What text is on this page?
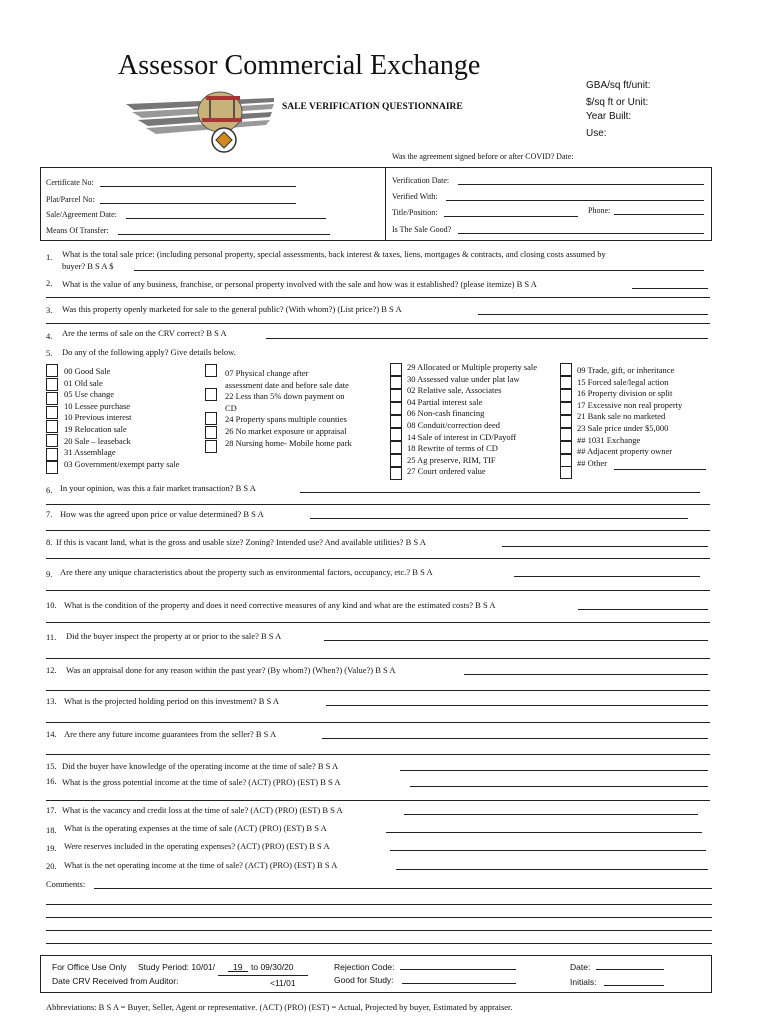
Assessor Commercial Exchange
SALE VERIFICATION QUESTIONNAIRE
GBA/sq ft/unit:
$/sq ft or Unit:
Year Built:
Use:
Was the agreement signed before or after COVID? Date:
Certificate No:
Plat/Parcel No:
Sale/Agreement Date:
Means Of Transfer:
Verification Date:
Verified With:
Title/Position:	Phone:
Is The Sale Good?
1. What is the total sale price: (including personal property, special assessments, back interest & taxes, liens, mortgages & contracts, and closing costs assumed by
buyer? B S A $
2. What is the value of any business, franchise, or personal property involved with the sale and how was it established? (please itemize) B S A
3. Was this property openly marketed for sale to the general public? (With whom?) (List price?) B S A
4. Are the terms of sale on the CRV correct? B S A
5. Do any of the following apply? Give details below.
00 Good Sale
01 Old sale
05 Use change
10 Lessee purchase
10 Previous interest
19 Relocation sale
20 Sale – leaseback
31 Assemblage
03 Government/exempt party sale
07 Physical change after
assessment date and before sale date
22 Less than 5% down payment on
CD
24 Property spans multiple counties
26 No market exposure or appraisal
28 Nursing home- Mobile home park
29 Allocated or Multiple property sale
30 Assessed value under plat law
02 Relative sale, Associates
04 Partial interest sale
06 Non-cash financing
08 Conduit/correction deed
14 Sale of interest in CD/Payoff
18 Rewrite of terms of CD
25 Ag preserve, RIM, TIF
27 Court ordered value
09 Trade, gift, or inheritance
15 Forced sale/legal action
16 Property division or split
17 Excessive non real property
21 Bank sale no marketed
23 Sale price under $5,000
## 1031 Exchange
## Adjacent property owner
## Other
6. In your opinion, was this a fair market transaction? B S A
7. How was the agreed upon price or value determined? B S A
8. If this is vacant land, what is the gross and usable size? Zoning? Intended use? And available utilities? B S A
9. Are there any unique characteristics about the property such as environmental factors, occupancy, etc.? B S A
10. What is the condition of the property and does it need corrective measures of any kind and what are the estimated costs? B S A
11. Did the buyer inspect the property at or prior to the sale? B S A
12. Was an appraisal done for any reason within the past year? (By whom?) (When?) (Value?) B S A
13. What is the projected holding period on this investment? B S A
14. Are there any future income guarantees from the seller? B S A
15. Did the buyer have knowledge of the operating income at the time of sale? B S A
16. What is the gross potential income at the time of sale? (ACT) (PRO) (EST) B S A
17. What is the vacancy and credit loss at the time of sale? (ACT) (PRO) (EST) B S A
18. What is the operating expenses at the time of sale (ACT) (PRO) (EST) B S A
19. Were reserves included in the operating expenses? (ACT) (PRO) (EST) B S A
20. What is the net operating income at the time of sale? (ACT) (PRO) (EST) B S A
Comments:
For Office Use Only Study Period: 10/01/ 19 to 09/30/20
Date CRV Received from Auditor:	<11/01
Rejection Code:
Good for Study:
Date:
Initials:
Abbreviations: B S A = Buyer, Seller, Agent or representative. (ACT) (PRO) (EST) = Actual, Projected by buyer, Estimated by appraiser.
